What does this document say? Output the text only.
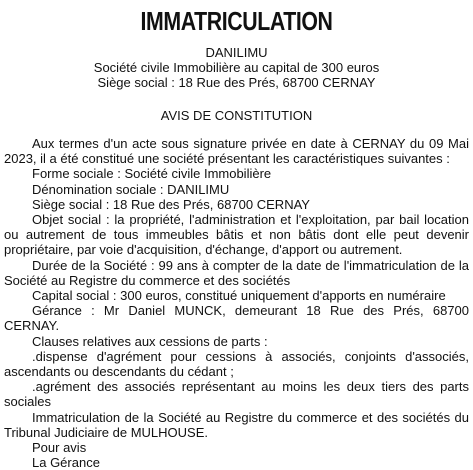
IMMATRICULATION
DANILIMU
Société civile Immobilière au capital de 300 euros
Siège social : 18 Rue des Prés, 68700 CERNAY
AVIS DE CONSTITUTION

Aux termes d'un acte sous signature privée en date à CERNAY du 09 Mai 2023, il a été constitué une société présentant les caractéristiques suivantes :

Forme sociale : Société civile Immobilière

Dénomination sociale : DANILIMU

Siège social : 18 Rue des Prés, 68700 CERNAY

Objet social : la propriété, l'administration et l'exploitation, par bail location ou autrement de tous immeubles bâtis et non bâtis dont elle peut devenir propriétaire, par voie d'acquisition, d'échange, d'apport ou autrement.

Durée de la Société : 99 ans à compter de la date de l'immatriculation de la Société au Registre du commerce et des sociétés

Capital social : 300 euros, constitué uniquement d'apports en numéraire

Gérance : Mr Daniel MUNCK, demeurant 18 Rue des Prés, 68700 CERNAY.

Clauses relatives aux cessions de parts :

.dispense d'agrément pour cessions à associés, conjoints d'associés, ascendants ou descendants du cédant ;

.agrément des associés représentant au moins les deux tiers des parts sociales

Immatriculation de la Société au Registre du commerce et des sociétés du Tribunal Judiciaire de MULHOUSE.

Pour avis

La Gérance
